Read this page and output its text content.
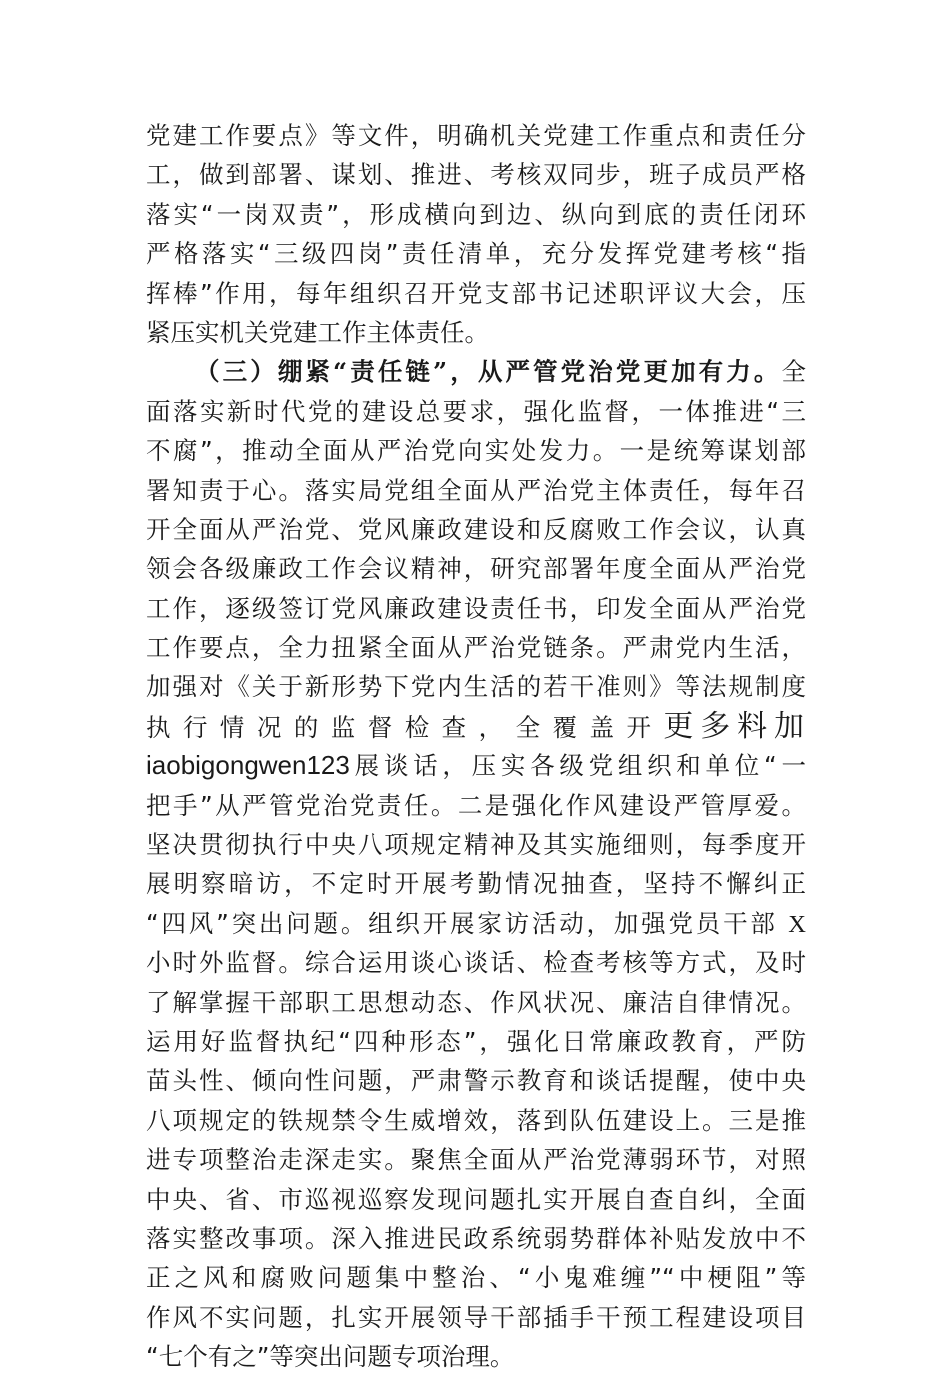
党建工作要点》等文件，明确机关党建工作重点和责任分
工，做到部署、谋划、推进、考核双同步，班子成员严格
落实“一岗双责”，形成横向到边、纵向到底的责任闭环
严格落实“三级四岗”责任清单，充分发挥党建考核“指
挥棒”作用，每年组织召开党支部书记述职评议大会，压
紧压实机关党建工作主体责任。
（三）绷紧“责任链”，从严管党治党更加有力。全
面落实新时代党的建设总要求，强化监督，一体推进“三
不腐”，推动全面从严治党向实处发力。一是统筹谋划部
署知责于心。落实局党组全面从严治党主体责任，每年召
开全面从严治党、党风廉政建设和反腐败工作会议，认真
领会各级廉政工作会议精神，研究部署年度全面从严治党
工作，逐级签订党风廉政建设责任书，印发全面从严治党
工作要点，全力扭紧全面从严治党链条。严肃党内生活，
加强对《关于新形势下党内生活的若干准则》等法规制度
执行情况的监督检查，全覆盖开更多料加
iaobigongwen123展谈话，压实各级党组织和单位“一
把手”从严管党治党责任。二是强化作风建设严管厚爱。
坚决贯彻执行中央八项规定精神及其实施细则，每季度开
展明察暗访，不定时开展考勤情况抽查，坚持不懈纠正
“四风”突出问题。组织开展家访活动，加强党员干部 X
小时外监督。综合运用谈心谈话、检查考核等方式，及时
了解掌握干部职工思想动态、作风状况、廉洁自律情况。
运用好监督执纪“四种形态”，强化日常廉政教育，严防
苗头性、倾向性问题，严肃警示教育和谈话提醒，使中央
八项规定的铁规禁令生威增效，落到队伍建设上。三是推
进专项整治走深走实。聚焦全面从严治党薄弱环节，对照
中央、省、市巡视巡察发现问题扎实开展自查自纠，全面
落实整改事项。深入推进民政系统弱势群体补贴发放中不
正之风和腐败问题集中整治、“小鬼难缠”“中梗阻”等
作风不实问题，扎实开展领导干部插手干预工程建设项目
“七个有之”等突出问题专项治理。
